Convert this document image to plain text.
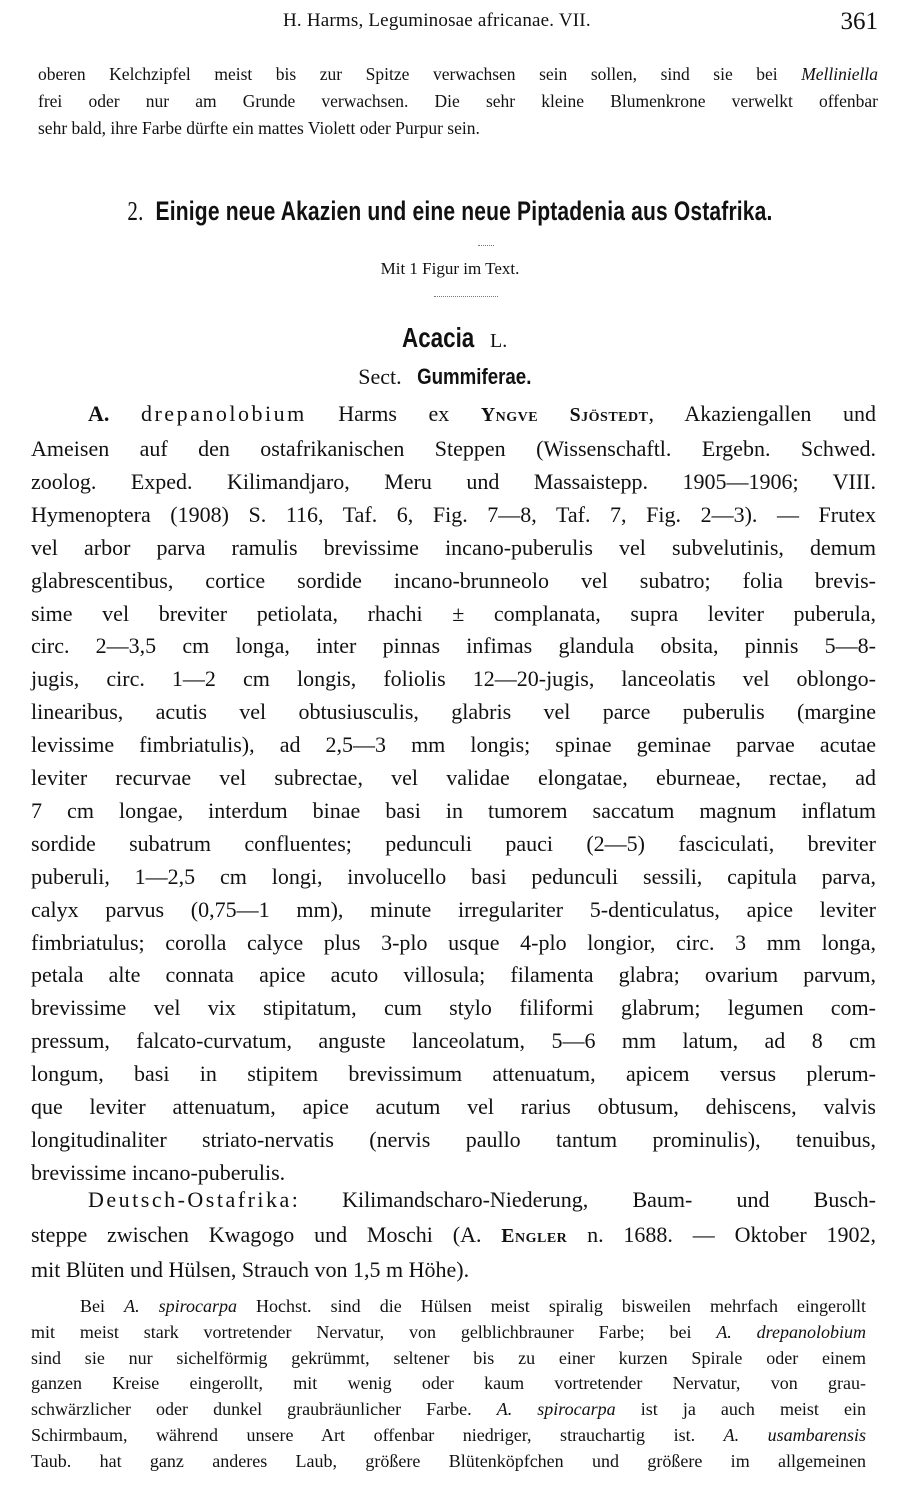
H. Harms, Leguminosae africanae. VII.	361
oberen Kelchzipfel meist bis zur Spitze verwachsen sein sollen, sind sie bei Melliniella
frei oder nur am Grunde verwachsen. Die sehr kleine Blumenkrone verwelkt offenbar
sehr bald, ihre Farbe dürfte ein mattes Violett oder Purpur sein.
2. Einige neue Akazien und eine neue Piptadenia aus Ostafrika.
Mit 1 Figur im Text.
Acacia L.
Sect. Gummiferae.
A. drepanolobium Harms ex Yngve Sjöstedt, Akaziengallen und
Ameisen auf den ostafrikanischen Steppen (Wissenschaftl. Ergebn. Schwed.
zoolog. Exped. Kilimandjaro, Meru und Massaistepp. 1905—1906; VIII.
Hymenoptera (1908) S. 116, Taf. 6, Fig. 7—8, Taf. 7, Fig. 2—3). — Frutex
vel arbor parva ramulis brevissime incano-puberulis vel subvelutinis, demum
glabrescentibus, cortice sordide incano-brunneolo vel subatro; folia brevis-
sime vel breviter petiolata, rhachi ± complanata, supra leviter puberula,
circ. 2—3,5 cm longa, inter pinnas infimas glandula obsita, pinnis 5—8-
jugis, circ. 1—2 cm longis, foliolis 12—20-jugis, lanceolatis vel oblongo-
linearibus, acutis vel obtusiusculis, glabris vel parce puberulis (margine
levissime fimbriatulis), ad 2,5—3 mm longis; spinae geminae parvae acutae
leviter recurvae vel subrectae, vel validae elongatae, eburneae, rectae, ad
7 cm longae, interdum binae basi in tumorem saccatum magnum inflatum
sordide subatrum confluentes; pedunculi pauci (2—5) fasciculati, breviter
puberuli, 1—2,5 cm longi, involucello basi pedunculi sessili, capitula parva,
calyx parvus (0,75—1 mm), minute irregulariter 5-denticulatus, apice leviter
fimbriatulus; corolla calyce plus 3-plo usque 4-plo longior, circ. 3 mm longa,
petala alte connata apice acuto villosula; filamenta glabra; ovarium parvum,
brevissime vel vix stipitatum, cum stylo filiformi glabrum; legumen com-
pressum, falcato-curvatum, anguste lanceolatum, 5—6 mm latum, ad 8 cm
longum, basi in stipitem brevissimum attenuatum, apicem versus plerum-
que leviter attenuatum, apice acutum vel rarius obtusum, dehiscens, valvis
longitudinaliter striato-nervatis (nervis paullo tantum prominulis), tenuibus,
brevissime incano-puberulis.
Deutsch-Ostafrika: Kilimandscharo-Niederung, Baum- und Busch-
steppe zwischen Kwagogo und Moschi (A. Engler n. 1688. — Oktober 1902,
mit Blüten und Hülsen, Strauch von 1,5 m Höhe).
Bei A. spirocarpa Hochst. sind die Hülsen meist spiralig bisweilen mehrfach eingerollt
mit meist stark vortretender Nervatur, von gelblichbrauner Farbe; bei A. drepanolobium
sind sie nur sichelförmig gekrümmt, seltener bis zu einer kurzen Spirale oder einem
ganzen Kreise eingerollt, mit wenig oder kaum vortretender Nervatur, von grau-
schwärzlicher oder dunkel graubräunlicher Farbe. A. spirocarpa ist ja auch meist ein
Schirmbaum, während unsere Art offenbar niedriger, strauchartig ist. A. usambarensis
Taub. hat ganz anderes Laub, größere Blütenköpfchen und größere im allgemeinen
